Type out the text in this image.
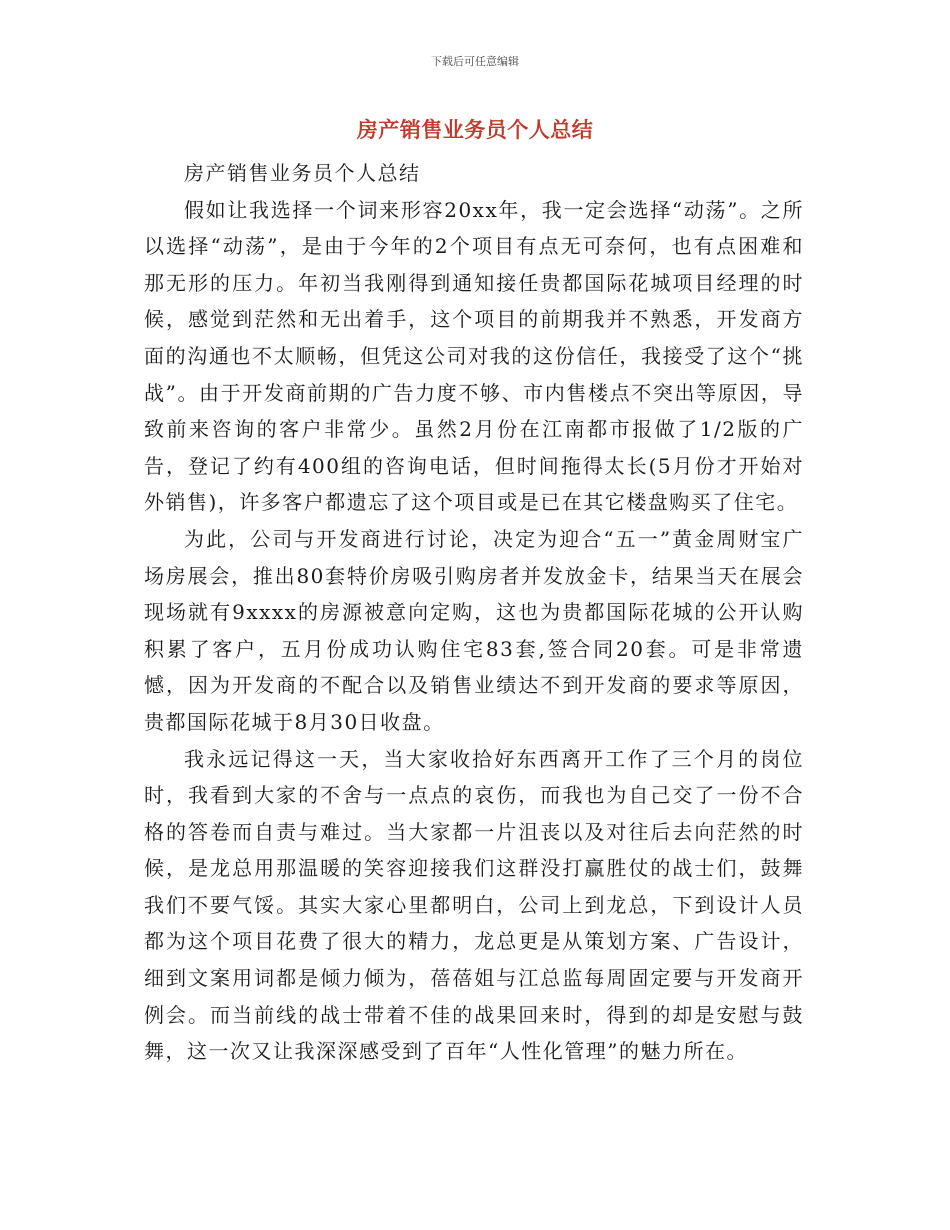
下载后可任意编辑
房产销售业务员个人总结

房产销售业务员个人总结

假如让我选择一个词来形容20xx年，我一定会选择“动荡”。之所以选择“动荡”，是由于今年的2个项目有点无可奈何，也有点困难和那无形的压力。年初当我刚得到通知接任贵都国际花城项目经理的时候，感觉到茫然和无出着手，这个项目的前期我并不熟悉，开发商方面的沟通也不太顺畅，但凭这公司对我的这份信任，我接受了这个“挑战”。由于开发商前期的广告力度不够、市内售楼点不突出等原因，导致前来咨询的客户非常少。虽然2月份在江南都市报做了1/2版的广告，登记了约有400组的咨询电话，但时间拖得太长(5月份才开始对外销售)，许多客户都遗忘了这个项目或是已在其它楼盘购买了住宅。

为此，公司与开发商进行讨论，决定为迎合“五一”黄金周财宝广场房展会，推出80套特价房吸引购房者并发放金卡，结果当天在展会现场就有9xxxx的房源被意向定购，这也为贵都国际花城的公开认购积累了客户，五月份成功认购住宅83套,签合同20套。可是非常遗憾，因为开发商的不配合以及销售业绩达不到开发商的要求等原因，贵都国际花城于8月30日收盘。

我永远记得这一天，当大家收拾好东西离开工作了三个月的岗位时，我看到大家的不舍与一点点的哀伤，而我也为自己交了一份不合格的答卷而自责与难过。当大家都一片沮丧以及对往后去向茫然的时候，是龙总用那温暖的笑容迎接我们这群没打赢胜仗的战士们，鼓舞我们不要气馁。其实大家心里都明白，公司上到龙总，下到设计人员都为这个项目花费了很大的精力，龙总更是从策划方案、广告设计，细到文案用词都是倾力倾为，蓓蓓姐与江总监每周固定要与开发商开例会。而当前线的战士带着不佳的战果回来时，得到的却是安慰与鼓舞，这一次又让我深深感受到了百年“人性化管理”的魅力所在。
